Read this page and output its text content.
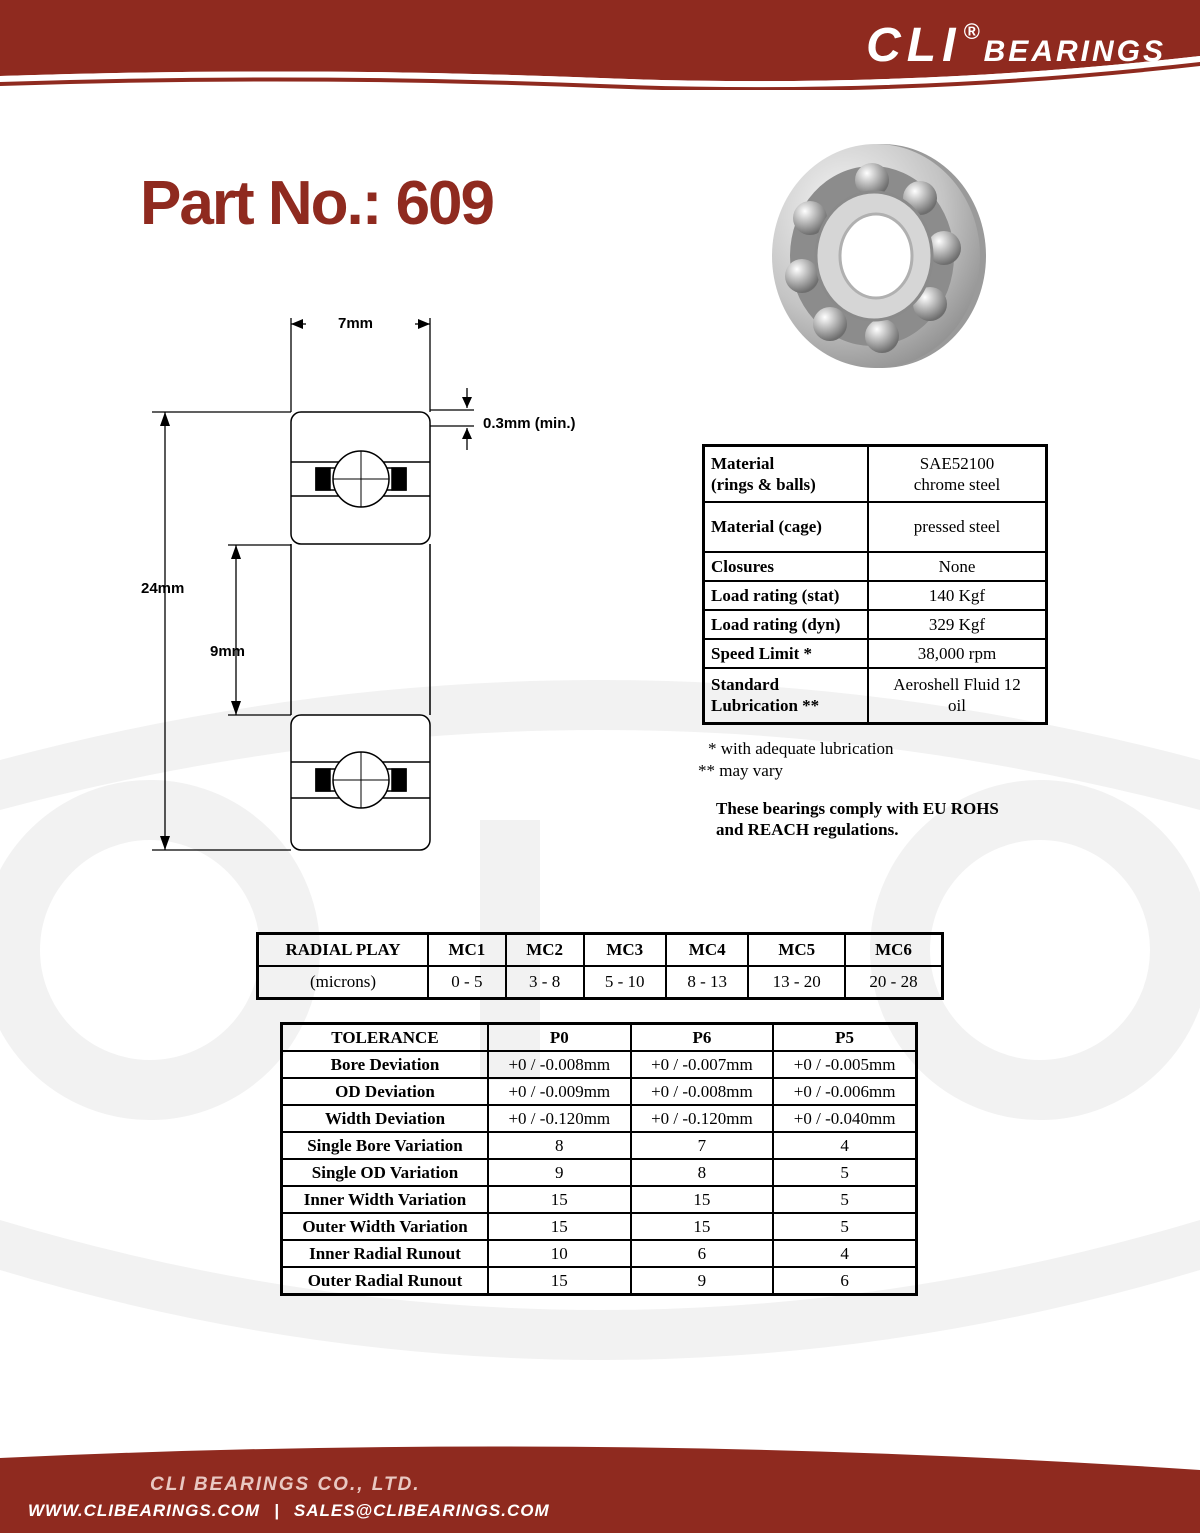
CLI®BEARINGS
Part No.: 609
7mm
0.3mm (min.)
24mm
9mm
Material
(rings & balls)	SAE52100
chrome steel
Material (cage)	pressed steel
Closures	None
Load rating (stat)	140 Kgf
Load rating (dyn)	329 Kgf
Speed Limit *	38,000 rpm
Standard
Lubrication **	Aeroshell Fluid 12
oil
* with adequate lubrication
** may vary
These bearings comply with EU ROHS
and REACH regulations.
RADIAL PLAY	MC1	MC2	MC3	MC4	MC5	MC6
(microns)	0 - 5	3 - 8	5 - 10	8 - 13	13 - 20	20 - 28
TOLERANCE	P0	P6	P5
Bore Deviation	+0 / -0.008mm	+0 / -0.007mm	+0 / -0.005mm
OD Deviation	+0 / -0.009mm	+0 / -0.008mm	+0 / -0.006mm
Width Deviation	+0 / -0.120mm	+0 / -0.120mm	+0 / -0.040mm
Single Bore Variation	8	7	4
Single OD Variation	9	8	5
Inner Width Variation	15	15	5
Outer Width Variation	15	15	5
Inner Radial Runout	10	6	4
Outer Radial Runout	15	9	6
CLI BEARINGS CO., LTD.
WWW.CLIBEARINGS.COM | SALES@CLIBEARINGS.COM
